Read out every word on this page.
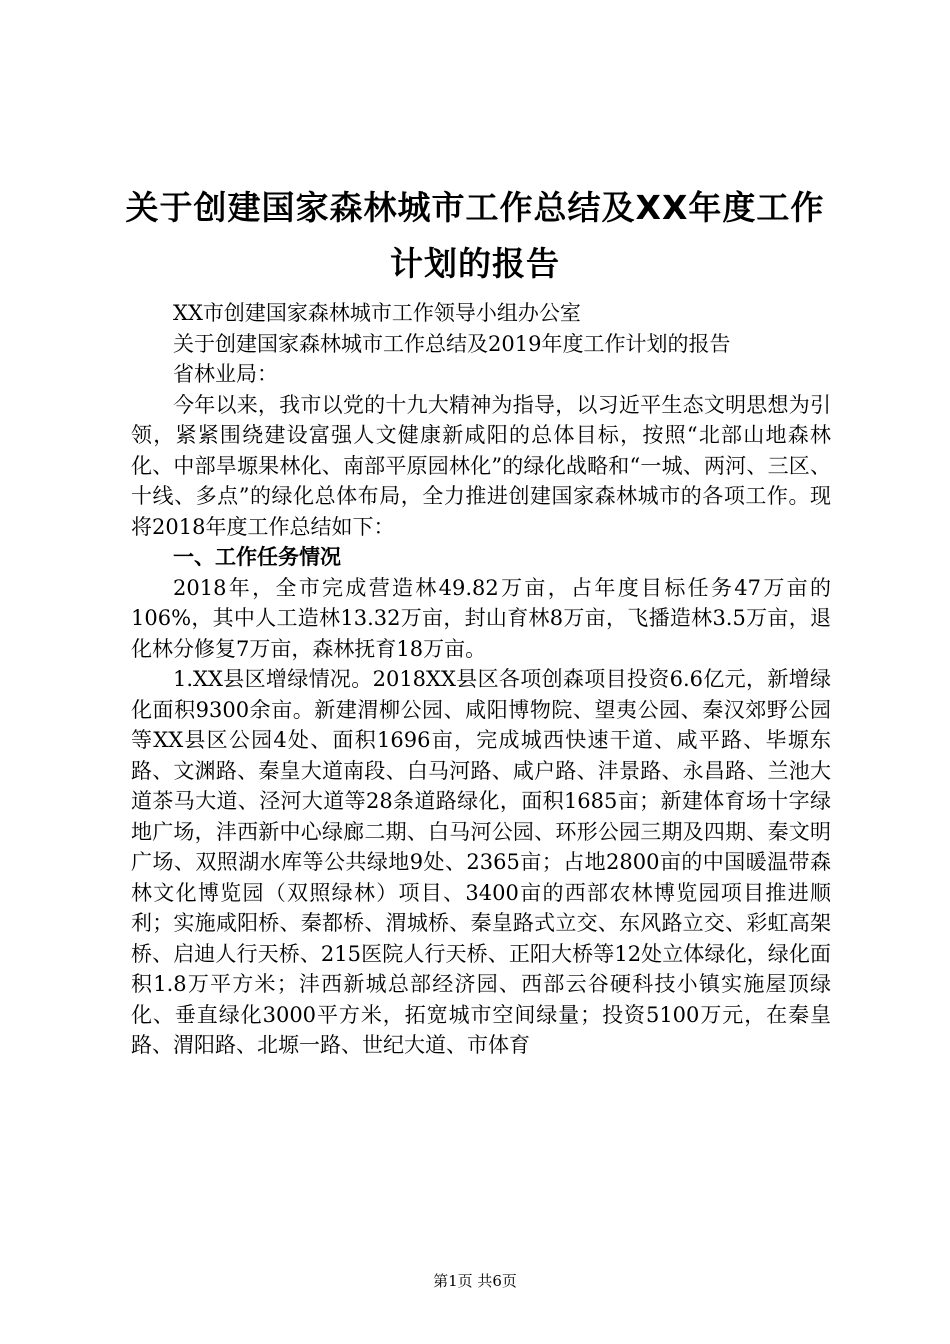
关于创建国家森林城市工作总结及XX年度工作计划的报告

XX市创建国家森林城市工作领导小组办公室

关于创建国家森林城市工作总结及2019年度工作计划的报告

省林业局：

今年以来，我市以党的十九大精神为指导，以习近平生态文明思想为引领，紧紧围绕建设富强人文健康新咸阳的总体目标，按照“北部山地森林化、中部旱塬果林化、南部平原园林化”的绿化战略和“一城、两河、三区、十线、多点”的绿化总体布局，全力推进创建国家森林城市的各项工作。现将2018年度工作总结如下：

一、工作任务情况

2018年，全市完成营造林49.82万亩，占年度目标任务47万亩的106%，其中人工造林13.32万亩，封山育林8万亩，飞播造林3.5万亩，退化林分修复7万亩，森林抚育18万亩。

1.XX县区增绿情况。2018XX县区各项创森项目投资6.6亿元，新增绿化面积9300余亩。新建渭柳公园、咸阳博物院、望夷公园、秦汉郊野公园等XX县区公园4处、面积1696亩，完成城西快速干道、咸平路、毕塬东路、文渊路、秦皇大道南段、白马河路、咸户路、沣景路、永昌路、兰池大道茶马大道、泾河大道等28条道路绿化，面积1685亩；新建体育场十字绿地广场，沣西新中心绿廊二期、白马河公园、环形公园三期及四期、秦文明广场、双照湖水库等公共绿地9处、2365亩；占地2800亩的中国暖温带森林文化博览园（双照绿林）项目、3400亩的西部农林博览园项目推进顺利；实施咸阳桥、秦都桥、渭城桥、秦皇路式立交、东风路立交、彩虹高架桥、启迪人行天桥、215医院人行天桥、正阳大桥等12处立体绿化，绿化面积1.8万平方米；沣西新城总部经济园、西部云谷硬科技小镇实施屋顶绿化、垂直绿化3000平方米，拓宽城市空间绿量；投资5100万元，在秦皇路、渭阳路、北塬一路、世纪大道、市体育

第1页 共6页
